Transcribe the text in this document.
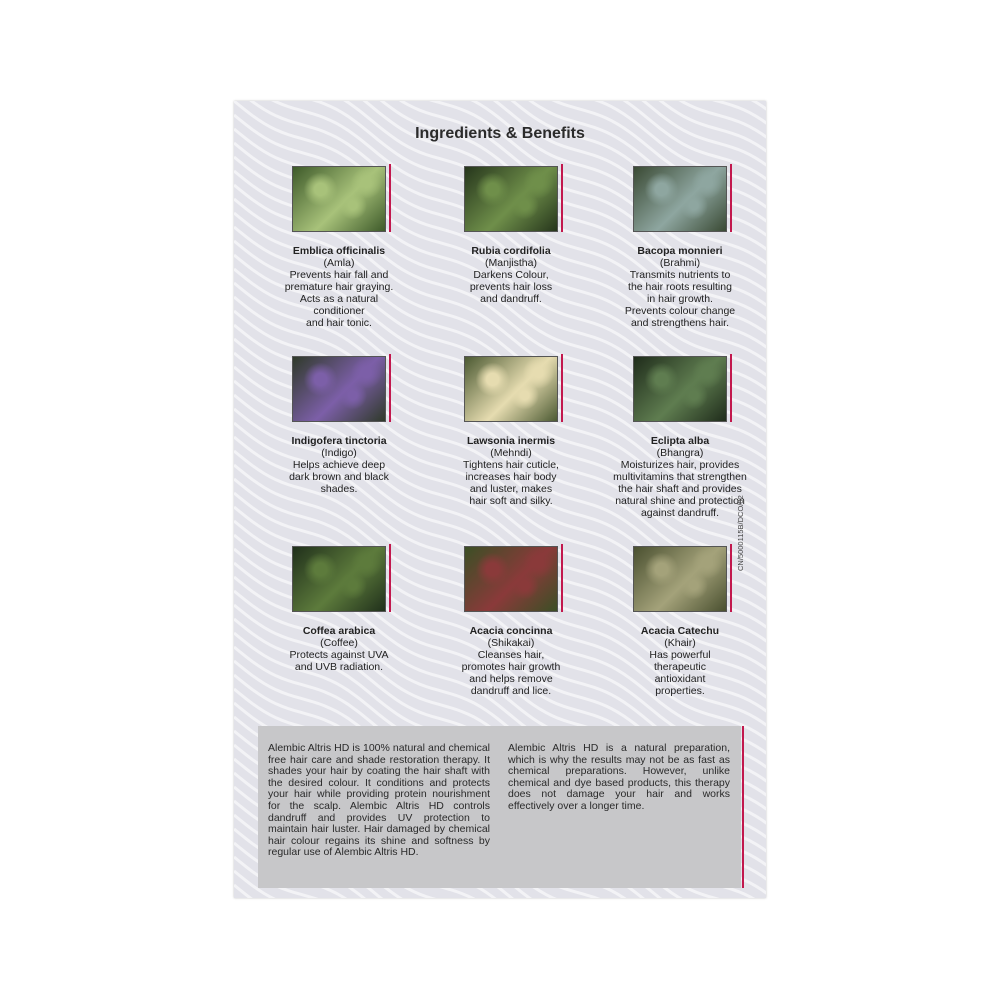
Ingredients & Benefits
Emblica officinalis
(Amla)
Prevents hair fall and
premature hair graying.
Acts as a natural
conditioner
and hair tonic.
Rubia cordifolia
(Manjistha)
Darkens Colour,
prevents hair loss
and dandruff.
Bacopa monnieri
(Brahmi)
Transmits nutrients to
the hair roots resulting
in hair growth.
Prevents colour change
and strengthens hair.
Indigofera tinctoria
(Indigo)
Helps achieve deep
dark brown and black
shades.
Lawsonia inermis
(Mehndi)
Tightens hair cuticle,
increases hair body
and luster, makes
hair soft and silky.
Eclipta alba
(Bhangra)
Moisturizes hair, provides
multivitamins that strengthen
the hair shaft and provides
natural shine and protection
against dandruff.
Coffea arabica
(Coffee)
Protects against UVA
and UVB radiation.
Acacia concinna
(Shikakai)
Cleanses hair,
promotes hair growth
and helps remove
dandruff and lice.
Acacia Catechu
(Khair)
Has powerful
therapeutic
antioxidant
properties.
CN/5000115B/DCO/02
Alembic Altris HD is 100% natural and chemical free hair care and shade restoration therapy. It shades your hair by coating the hair shaft with the desired colour. It conditions and protects your hair while providing protein nourishment for the scalp. Alembic Altris HD controls dandruff and provides UV protection to maintain hair luster. Hair damaged by chemical hair colour regains its shine and softness by regular use of Alembic Altris HD.
Alembic Altris HD is a natural preparation, which is why the results may not be as fast as chemical preparations. However, unlike chemical and dye based products, this therapy does not damage your hair and works effectively over a longer time.
